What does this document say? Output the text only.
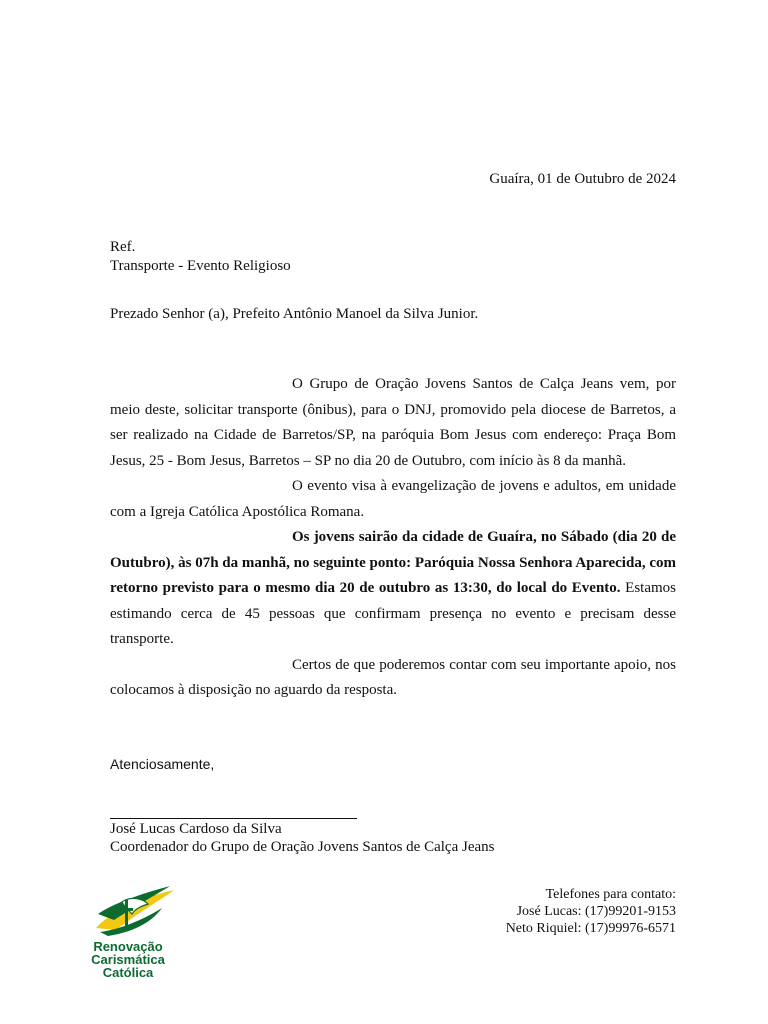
Guaíra, 01 de Outubro de 2024
Ref.
Transporte - Evento Religioso
Prezado Senhor (a), Prefeito Antônio Manoel da Silva Junior.

O Grupo de Oração Jovens Santos de Calça Jeans vem, por meio deste, solicitar transporte (ônibus), para o DNJ, promovido pela diocese de Barretos, a ser realizado na Cidade de Barretos/SP, na paróquia Bom Jesus com endereço: Praça Bom Jesus, 25 - Bom Jesus, Barretos – SP no dia 20 de Outubro, com início às 8 da manhã.

O evento visa à evangelização de jovens e adultos, em unidade com a Igreja Católica Apostólica Romana.

Os jovens sairão da cidade de Guaíra, no Sábado (dia 20 de Outubro), às 07h da manhã, no seguinte ponto: Paróquia Nossa Senhora Aparecida, com retorno previsto para o mesmo dia 20 de outubro as 13:30, do local do Evento. Estamos estimando cerca de 45 pessoas que confirmam presença no evento e precisam desse transporte.

Certos de que poderemos contar com seu importante apoio, nos colocamos à disposição no aguardo da resposta.

Atenciosamente,
José Lucas Cardoso da Silva
Coordenador do Grupo de Oração Jovens Santos de Calça Jeans
Telefones para contato:
José Lucas: (17)99201-9153
Neto Riquiel: (17)99976-6571
Renovação
Carismática
Católica
